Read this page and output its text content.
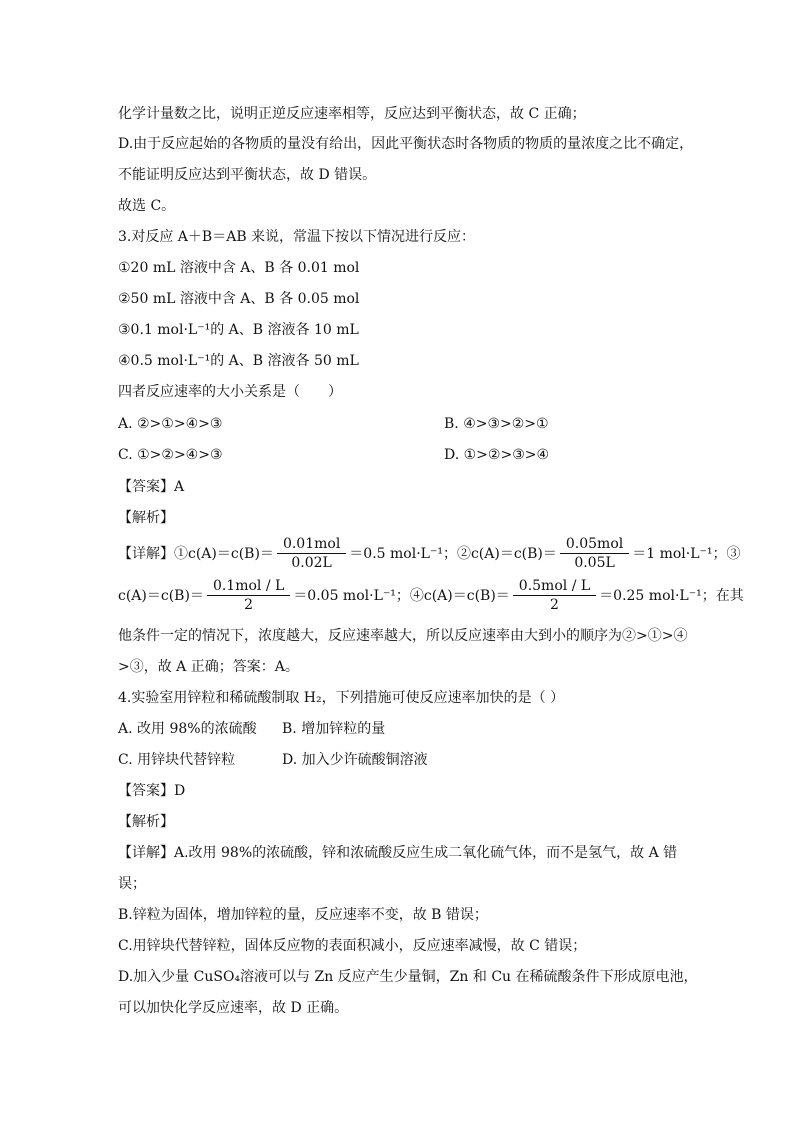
化学计量数之比，说明正逆反应速率相等，反应达到平衡状态，故 C 正确；
D.由于反应起始的各物质的量没有给出，因此平衡状态时各物质的物质的量浓度之比不确定，
不能证明反应达到平衡状态，故 D 错误。
故选 C。
3.对反应 A＋B＝AB 来说，常温下按以下情况进行反应：
①20 mL 溶液中含 A、B 各 0.01 mol
②50 mL 溶液中含 A、B 各 0.05 mol
③0.1 mol·L⁻¹的 A、B 溶液各 10 mL
④0.5 mol·L⁻¹的 A、B 溶液各 50 mL
四者反应速率的大小关系是（　　）
A. ②>①>④>③	B. ④>③>②>①
C. ①>②>④>③	D. ①>②>③>④
【答案】A
【解析】
【详解】①c(A)＝c(B)＝ $\frac{\text{0.01mol}}{0.02L} =0.5$ mol·L⁻¹；②c(A)＝c(B)＝ $\frac{\text{0.05mol}}{0.05L} =1$ mol·L⁻¹；③
$c(A)=c(B)= \frac{\text{0.1mol / L}}{2} =0.05$ mol·L⁻¹；④c(A)＝c(B)＝ $\frac{\text{0.5mol / L}}{2} =0.25$ mol·L⁻¹；在其
他条件一定的情况下，浓度越大，反应速率越大，所以反应速率由大到小的顺序为②>①>④
>③，故 A 正确；答案：A。
4.实验室用锌粒和稀硫酸制取 H₂，下列措施可使反应速率加快的是（ ）
A. 改用 98%的浓硫酸 B. 增加锌粒的量
C. 用锌块代替锌粒	D. 加入少许硫酸铜溶液
【答案】D
【解析】
【详解】A.改用 98%的浓硫酸，锌和浓硫酸反应生成二氧化硫气体，而不是氢气，故 A 错
误；
B.锌粒为固体，增加锌粒的量，反应速率不变，故 B 错误；
C.用锌块代替锌粒，固体反应物的表面积减小，反应速率减慢，故 C 错误；
D.加入少量 CuSO₄溶液可以与 Zn 反应产生少量铜，Zn 和 Cu 在稀硫酸条件下形成原电池，
可以加快化学反应速率，故 D 正确。
